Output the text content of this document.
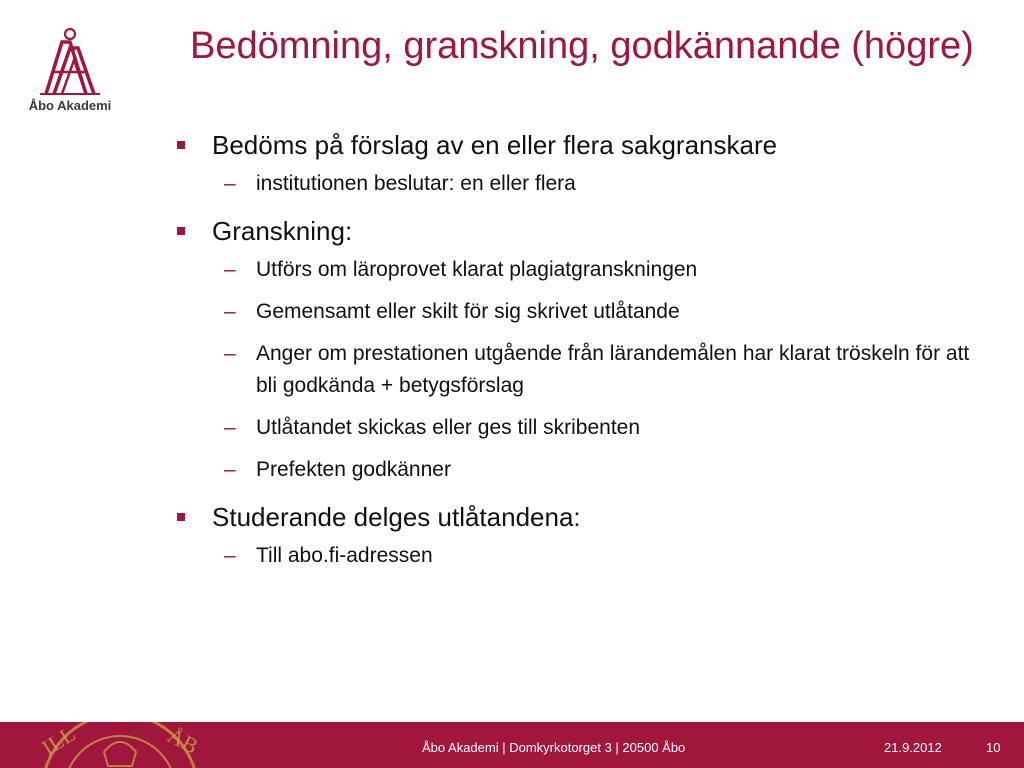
Åbo Akademi
Bedömning, granskning, godkännande (högre)
Bedöms på förslag av en eller flera sakgranskare
– institutionen beslutar: en eller flera
Granskning:
– Utförs om läroprovet klarat plagiatgranskningen
– Gemensamt eller skilt för sig skrivet utlåtande
– Anger om prestationen utgående från lärandemålen har klarat tröskeln för att bli godkända + betygsförslag
– Utlåtandet skickas eller ges till skribenten
– Prefekten godkänner
Studerande delges utlåtandena:
– Till abo.fi-adressen
ILL	ÅB	Åbo Akademi | Domkyrkotorget 3 | 20500 Åbo	21.9.2012	10
